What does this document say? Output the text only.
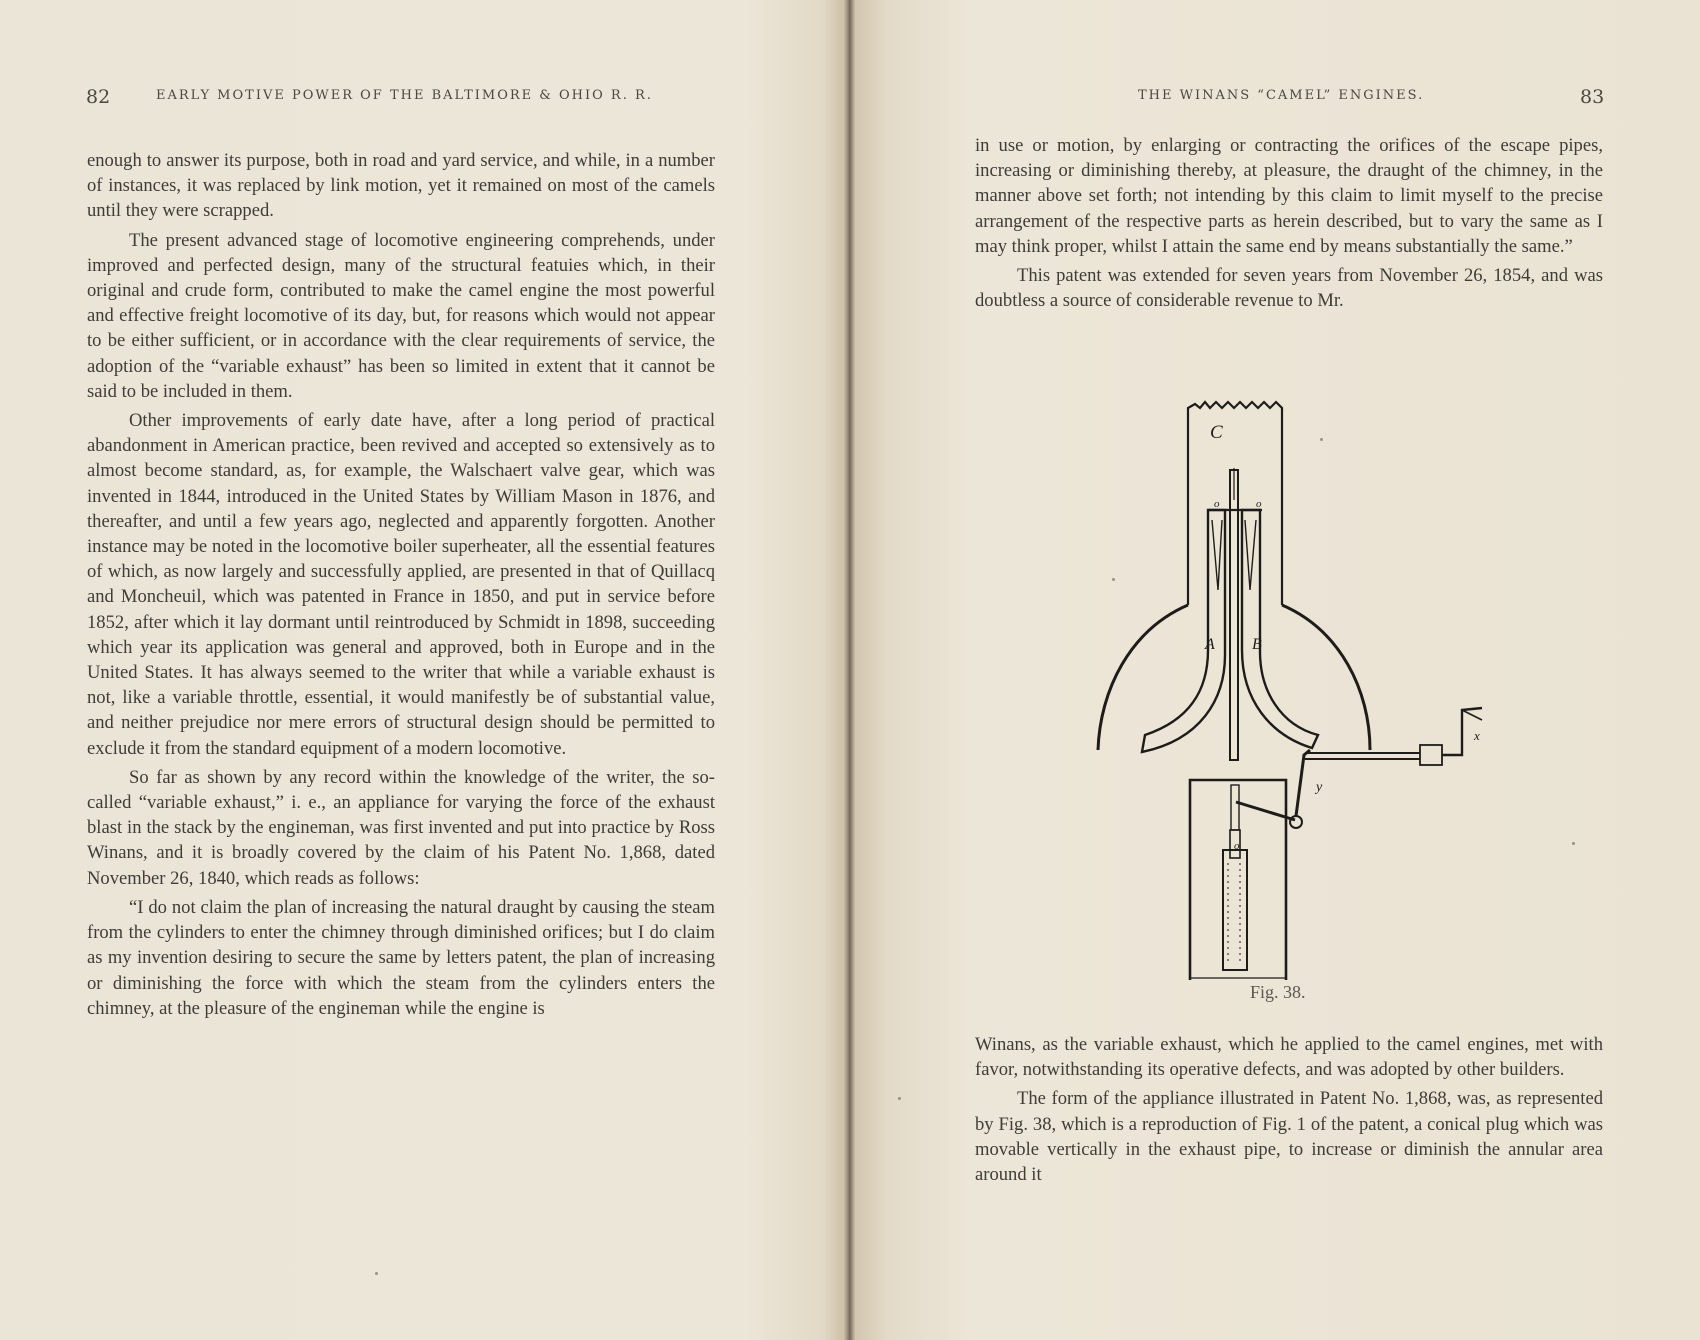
82	EARLY MOTIVE POWER OF THE BALTIMORE & OHIO R. R.

enough to answer its purpose, both in road and yard service, and while, in a number of instances, it was replaced by link motion, yet it remained on most of the camels until they were scrapped.

The present advanced stage of locomotive engineering comprehends, under improved and perfected design, many of the structural featuies which, in their original and crude form, contributed to make the camel engine the most powerful and effective freight locomotive of its day, but, for reasons which would not appear to be either sufficient, or in accordance with the clear requirements of service, the adoption of the “variable exhaust” has been so limited in extent that it cannot be said to be included in them.

Other improvements of early date have, after a long period of practical abandonment in American practice, been revived and accepted so extensively as to almost become standard, as, for example, the Walschaert valve gear, which was invented in 1844, introduced in the United States by William Mason in 1876, and thereafter, and until a few years ago, neglected and apparently forgotten. Another instance may be noted in the locomotive boiler superheater, all the essential features of which, as now largely and successfully applied, are presented in that of Quillacq and Moncheuil, which was patented in France in 1850, and put in service before 1852, after which it lay dormant until reintroduced by Schmidt in 1898, succeeding which year its application was general and approved, both in Europe and in the United States. It has always seemed to the writer that while a variable exhaust is not, like a variable throttle, essential, it would manifestly be of substantial value, and neither prejudice nor mere errors of structural design should be permitted to exclude it from the standard equipment of a modern locomotive.

So far as shown by any record within the knowledge of the writer, the so-called “variable exhaust,” i. e., an appliance for varying the force of the exhaust blast in the stack by the engineman, was first invented and put into practice by Ross Winans, and it is broadly covered by the claim of his Patent No. 1,868, dated November 26, 1840, which reads as follows:

“I do not claim the plan of increasing the natural draught by causing the steam from the cylinders to enter the chimney through diminished orifices; but I do claim as my invention desiring to secure the same by letters patent, the plan of increasing or diminishing the force with which the steam from the cylinders enters the chimney, at the pleasure of the engineman while the engine is

THE WINANS “CAMEL” ENGINES.	83

in use or motion, by enlarging or contracting the orifices of the escape pipes, increasing or diminishing thereby, at pleasure, the draught of the chimney, in the manner above set forth; not intending by this claim to limit myself to the precise arrangement of the respective parts as herein described, but to vary the same as I may think proper, whilst I attain the same end by means substantially the same.”

This patent was extended for seven years from November 26, 1854, and was doubtless a source of considerable revenue to Mr.

C
A B
o	o
o
x
y
Fig. 38.

Winans, as the variable exhaust, which he applied to the camel engines, met with favor, notwithstanding its operative defects, and was adopted by other builders.

The form of the appliance illustrated in Patent No. 1,868, was, as represented by Fig. 38, which is a reproduction of Fig. 1 of the patent, a conical plug which was movable vertically in the exhaust pipe, to increase or diminish the annular area around it
